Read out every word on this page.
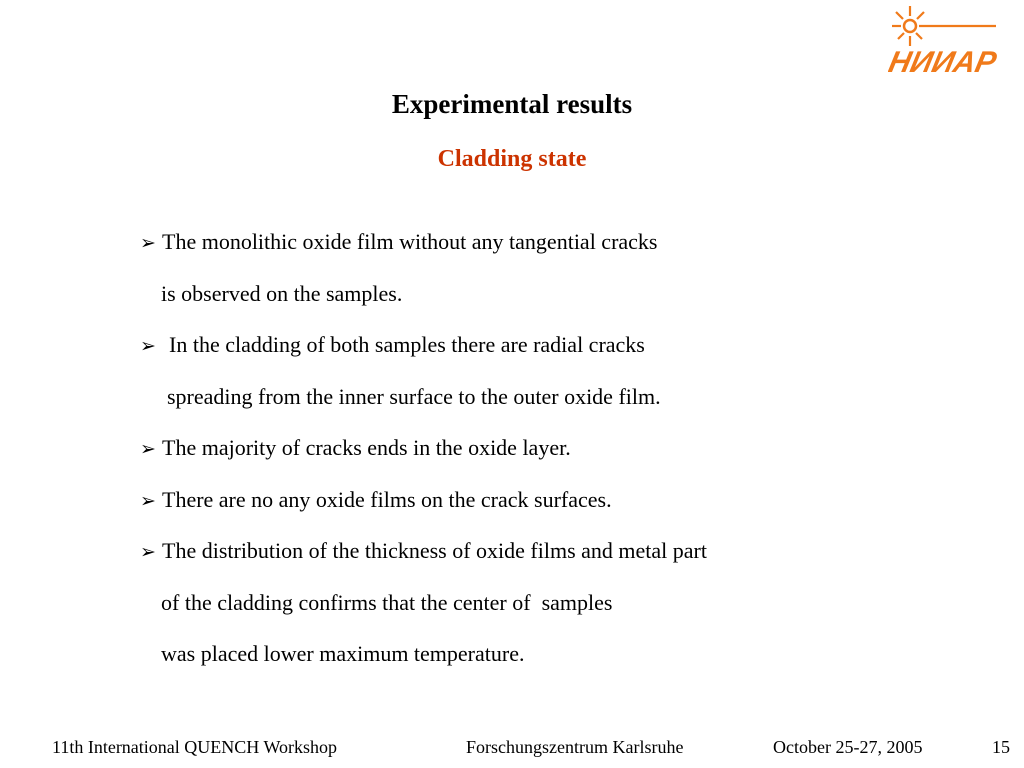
НИИАР
Experimental results
Cladding state
➢ The monolithic oxide film without any tangential cracks
is observed on the samples.
➢ In the cladding of both samples there are radial cracks
spreading from the inner surface to the outer oxide film.
➢ The majority of cracks ends in the oxide layer.
➢ There are no any oxide films on the crack surfaces.
➢ The distribution of the thickness of oxide films and metal part
of the cladding confirms that the center of  samples
was placed lower maximum temperature.
11th International QUENCH Workshop	Forschungszentrum Karlsruhe	October 25-27, 2005	15
